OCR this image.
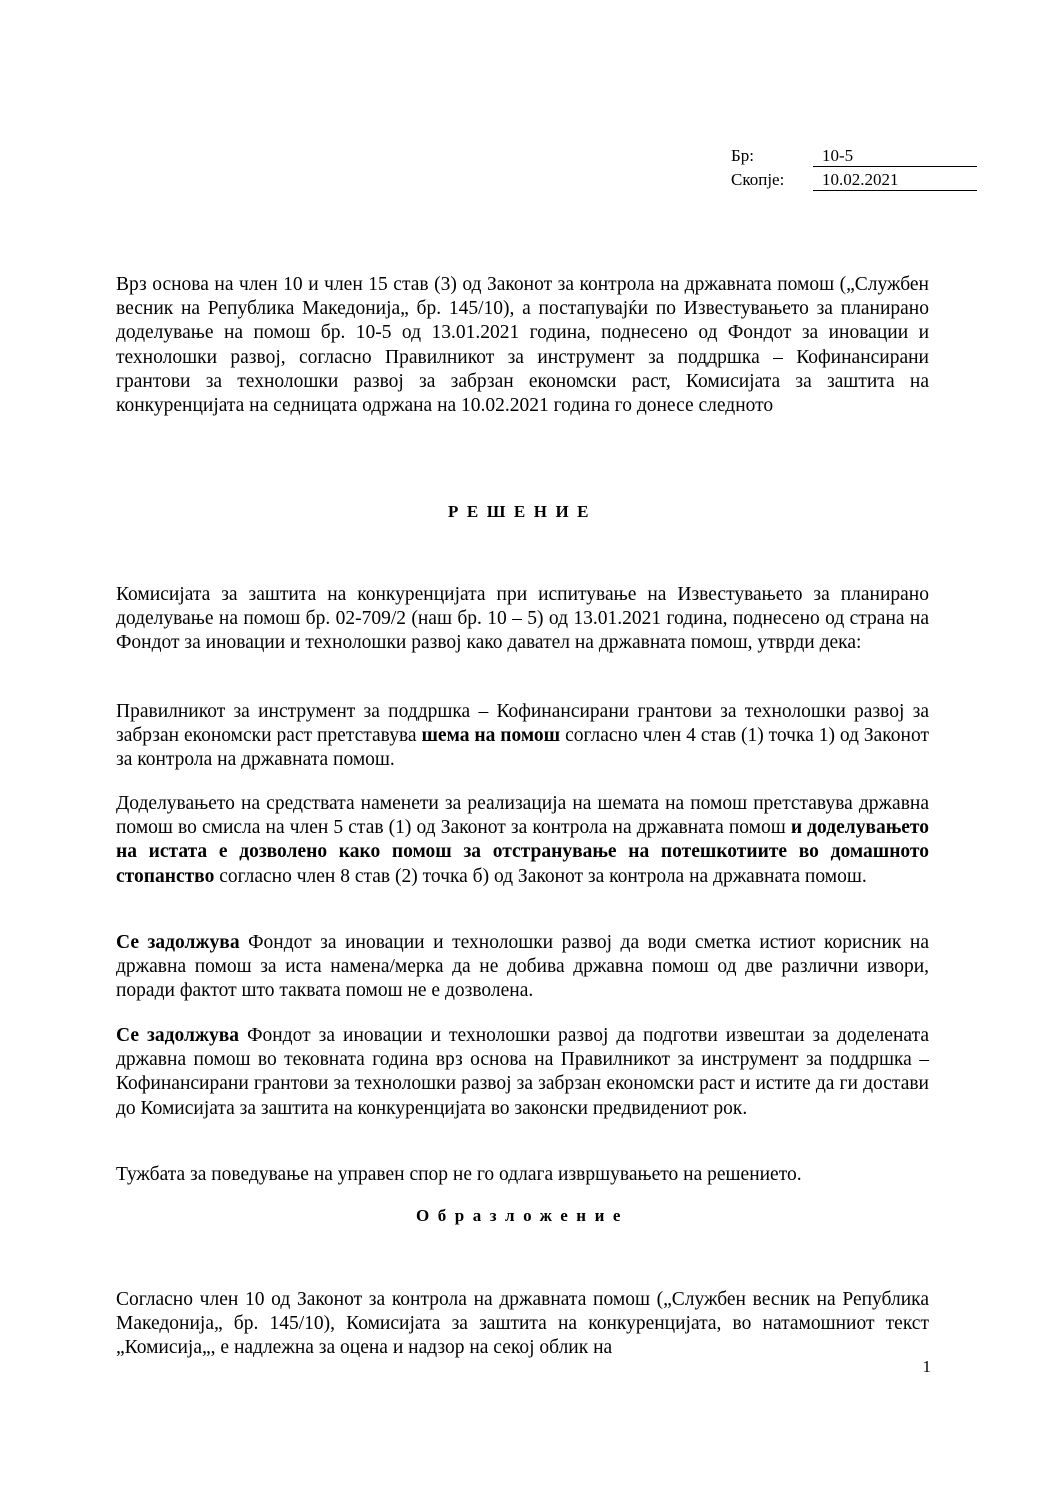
Бр:	10-5
Скопје:	10.02.2021

Врз основа на член 10 и член 15 став (3) од Законот за контрола на државната помош („Службен весник на Република Македонија„ бр. 145/10), а постапувајќи по Известувањето за планирано доделување на помош бр. 10-5 од 13.01.2021 година, поднесено од Фондот за иновации и технолошки развој, согласно Правилникот за инструмент за поддршка – Кофинансирани грантови за технолошки развој за забрзан економски раст, Комисијата за заштита на конкуренцијата на седницата одржана на 10.02.2021 година го донесе следното

РЕШЕНИЕ

Комисијата за заштита на конкуренцијата при испитување на Известувањето за планирано доделување на помош бр. 02-709/2 (наш бр. 10 – 5) од 13.01.2021 година, поднесено од страна на Фондот за иновации и технолошки развој како давател на државната помош, утврди дека:

Правилникот за инструмент за поддршка – Кофинансирани грантови за технолошки развој за забрзан економски раст претставува шема на помош согласно член 4 став (1) точка 1) од Законот за контрола на државната помош.

Доделувањето на средствата наменети за реализација на шемата на помош претставува државна помош во смисла на член 5 став (1) од Законот за контрола на државната помош и доделувањето на истата е дозволено како помош за отстранување на потешкотиите во домашното стопанство согласно член 8 став (2) точка б) од Законот за контрола на државната помош.

Се задолжува Фондот за иновации и технолошки развој да води сметка истиот корисник на државна помош за иста намена/мерка да не добива државна помош од две различни извори, поради фактот што таквата помош не е дозволена.

Се задолжува Фондот за иновации и технолошки развој да подготви извештаи за доделената државна помош во тековната година врз основа на Правилникот за инструмент за поддршка – Кофинансирани грантови за технолошки развој за забрзан економски раст и истите да ги достави до Комисијата за заштита на конкуренцијата во законски предвидениот рок.

Тужбата за поведување на управен спор не го одлага извршувањето на решението.

Образложение

Согласно член 10 од Законот за контрола на државната помош („Службен весник на Република Македонија„ бр. 145/10), Комисијата за заштита на конкуренцијата, во натамошниот текст „Комисија„, е надлежна за оцена и надзор на секој облик на

1
